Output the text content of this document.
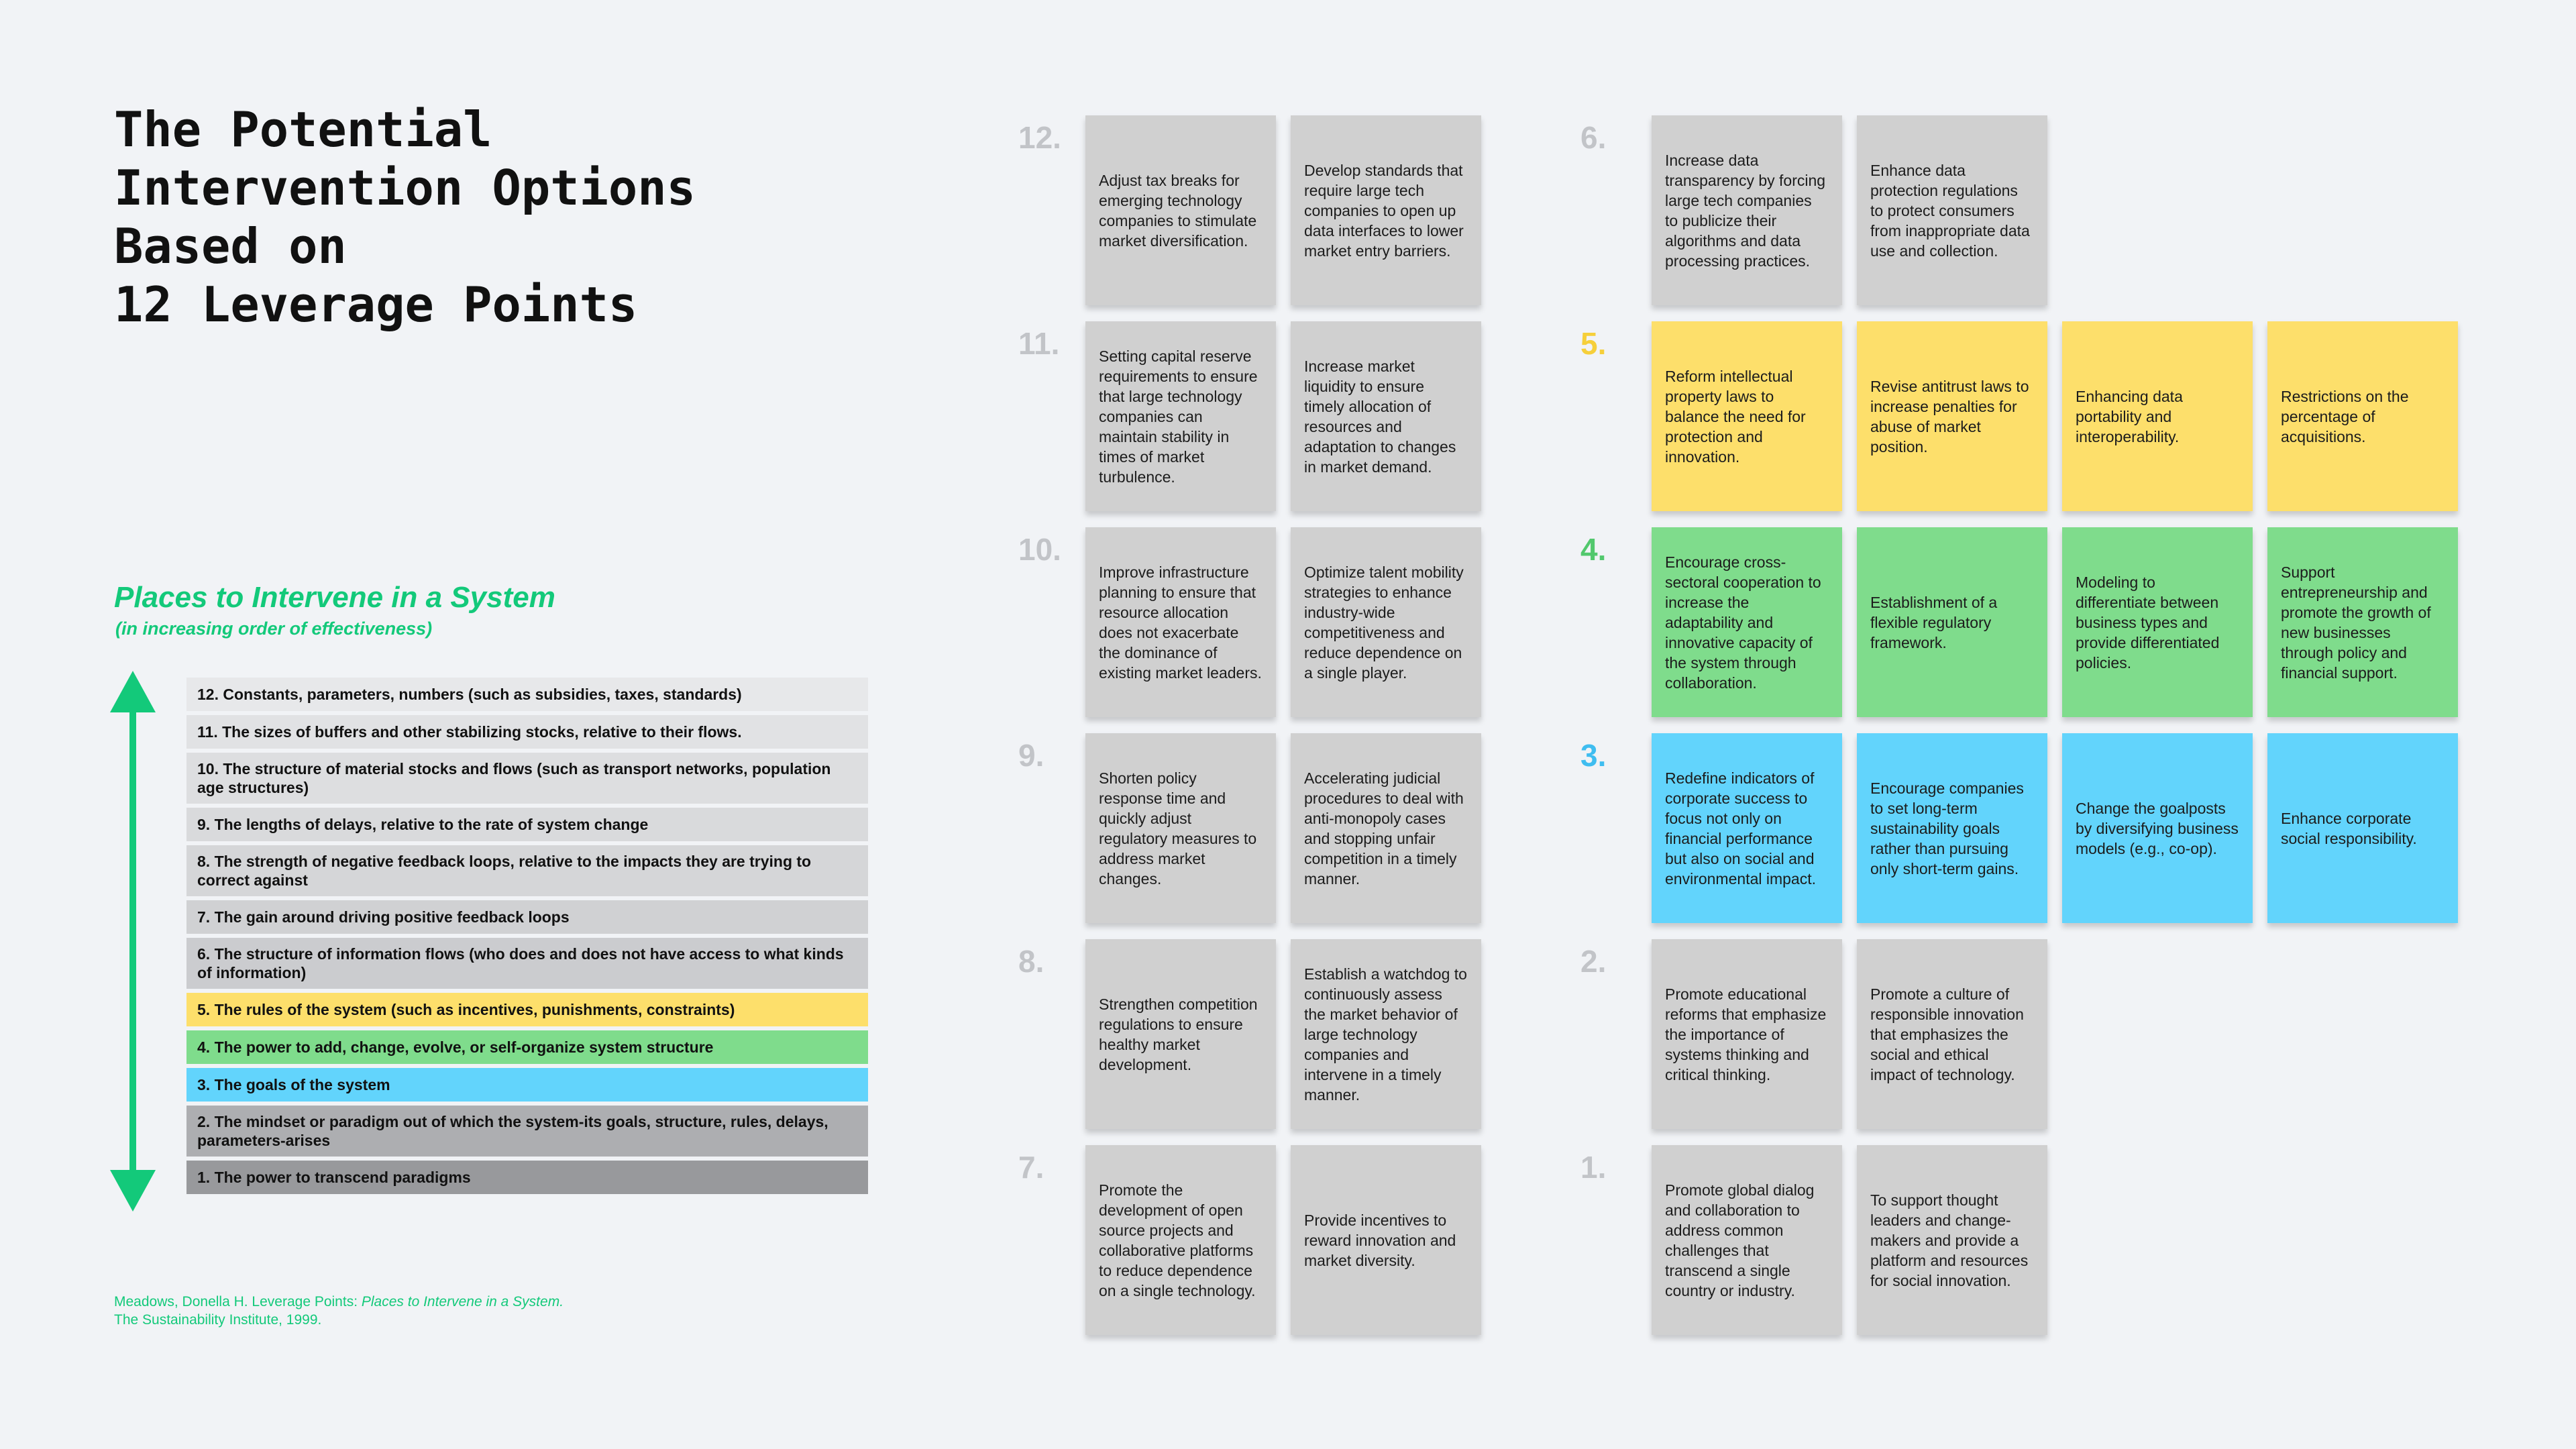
The Potential
Intervention Options
Based on
12 Leverage Points
Places to Intervene in a System
(in increasing order of effectiveness)
12. Constants, parameters, numbers (such as subsidies, taxes, standards)
11. The sizes of buffers and other stabilizing stocks, relative to their flows.
10. The structure of material stocks and flows (such as transport networks, population age structures)
9. The lengths of delays, relative to the rate of system change
8. The strength of negative feedback loops, relative to the impacts they are trying to correct against
7. The gain around driving positive feedback loops
6. The structure of information flows (who does and does not have access to what kinds of information)
5. The rules of the system (such as incentives, punishments, constraints)
4. The power to add, change, evolve, or self-organize system structure
3. The goals of the system
2. The mindset or paradigm out of which the system-its goals, structure, rules, delays, parameters-arises
1. The power to transcend paradigms
Meadows, Donella H. Leverage Points: Places to Intervene in a System.
The Sustainability Institute, 1999.
12.
Adjust tax breaks for emerging technology companies to stimulate market diversification.
Develop standards that require large tech companies to open up data interfaces to lower market entry barriers.
11.	Setting capital reserve requirements to ensure that large technology companies can maintain stability in times of market turbulence.
Increase market liquidity to ensure timely allocation of resources and adaptation to changes in market demand.
10.
Improve infrastructure planning to ensure that resource allocation does not exacerbate the dominance of existing market leaders.
Optimize talent mobility strategies to enhance industry-wide competitiveness and reduce dependence on a single player.
9.
Shorten policy response time and quickly adjust regulatory measures to address market changes.
Accelerating judicial procedures to deal with anti-monopoly cases and stopping unfair competition in a timely manner.
8.
Strengthen competition regulations to ensure healthy market development.
Establish a watchdog to continuously assess the market behavior of large technology companies and intervene in a timely manner.
7.
Promote the development of open source projects and collaborative platforms to reduce dependence on a single technology.
Provide incentives to reward innovation and market diversity.
6.
Increase data transparency by forcing large tech companies to publicize their algorithms and data processing practices.
Enhance data protection regulations to protect consumers from inappropriate data use and collection.
5.
Reform intellectual property laws to balance the need for protection and innovation.
Revise antitrust laws to increase penalties for abuse of market position.
Enhancing data portability and interoperability.
Restrictions on the percentage of acquisitions.
4.	Encourage cross-sectoral cooperation to increase the adaptability and innovative capacity of the system through collaboration.
Establishment of a flexible regulatory framework.
Modeling to differentiate between business types and provide differentiated policies.
Support entrepreneurship and promote the growth of new businesses through policy and financial support.
3.
Redefine indicators of corporate success to focus not only on financial performance but also on social and environmental impact.
Encourage companies to set long-term sustainability goals rather than pursuing only short-term gains.
Change the goalposts by diversifying business models (e.g., co-op).
Enhance corporate social responsibility.
2.
Promote educational reforms that emphasize the importance of systems thinking and critical thinking.
Promote a culture of responsible innovation that emphasizes the social and ethical impact of technology.
1.
Promote global dialog and collaboration to address common challenges that transcend a single country or industry.
To support thought leaders and change-makers and provide a platform and resources for social innovation.
